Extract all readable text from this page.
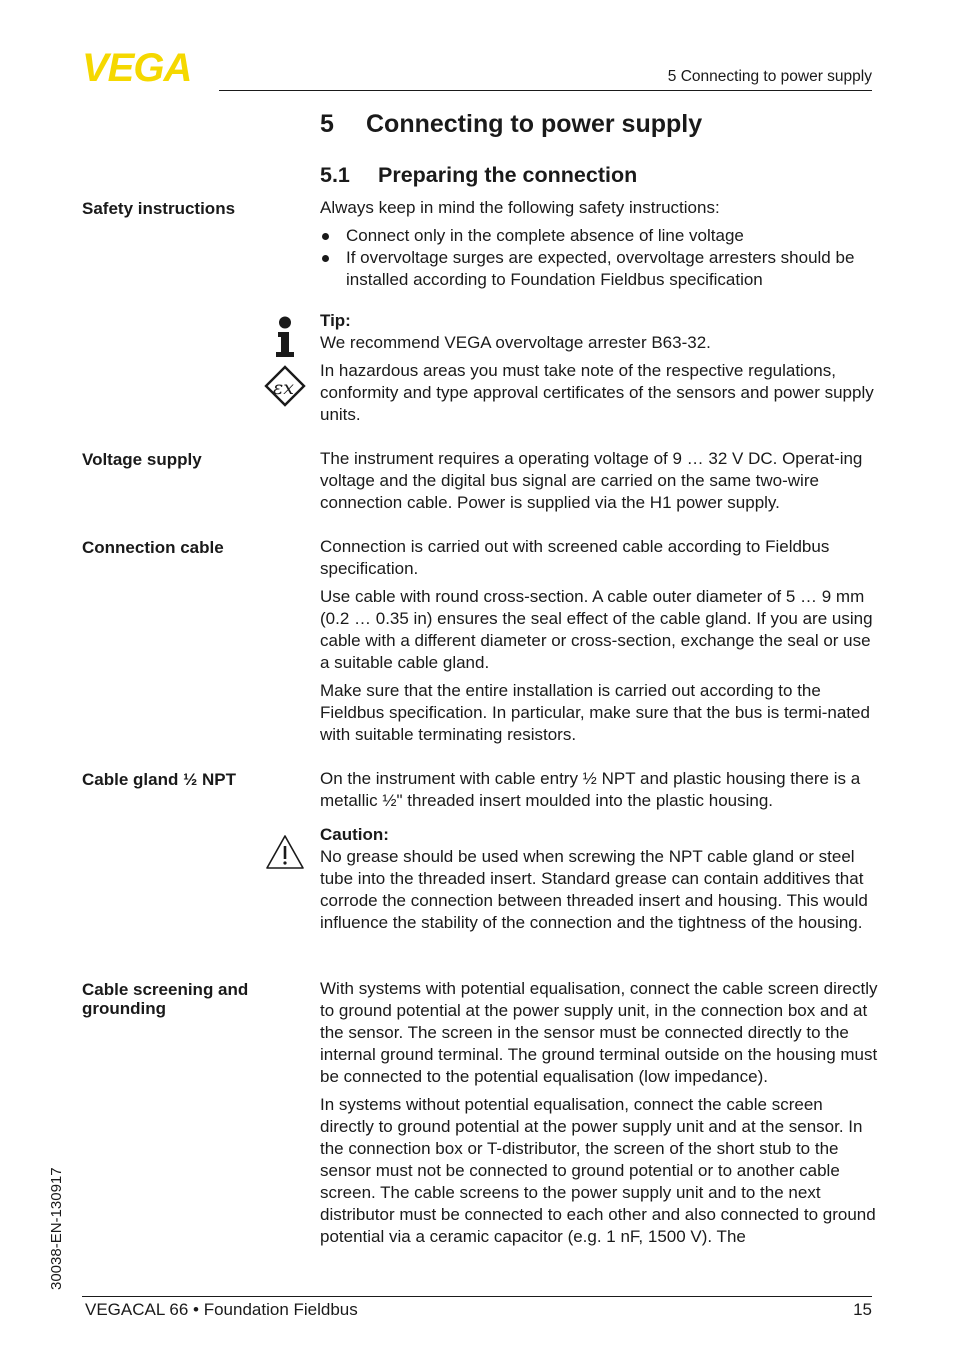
VEGA	5 Connecting to power supply
5 Connecting to power supply
5.1 Preparing the connection
Safety instructions	Always keep in mind the following safety instructions:

Connect only in the complete absence of line voltage
If overvoltage surges are expected, overvoltage arresters should be installed according to Foundation Fieldbus specification
Tip:
We recommend VEGA overvoltage arrester B63-32.
εx
In hazardous areas you must take note of the respective regulations, conformity and type approval certificates of the sensors and power supply units.
Voltage supply	The instrument requires a operating voltage of 9 … 32 V DC. Operat-ing voltage and the digital bus signal are carried on the same two-wire connection cable. Power is supplied via the H1 power supply.
Connection cable	Connection is carried out with screened cable according to Fieldbus specification.

Use cable with round cross-section. A cable outer diameter of 5 … 9 mm (0.2 … 0.35 in) ensures the seal effect of the cable gland. If you are using cable with a different diameter or cross-section, exchange the seal or use a suitable cable gland.

Make sure that the entire installation is carried out according to the Fieldbus specification. In particular, make sure that the bus is termi-nated with suitable terminating resistors.

Cable gland ½ NPT	On the instrument with cable entry ½ NPT and plastic housing there is a metallic ½" threaded insert moulded into the plastic housing.
Caution:
No grease should be used when screwing the NPT cable gland or steel tube into the threaded insert. Standard grease can contain additives that corrode the connection between threaded insert and housing. This would influence the stability of the connection and the tightness of the housing.
Cable screening and grounding

With systems with potential equalisation, connect the cable screen directly to ground potential at the power supply unit, in the connection box and at the sensor. The screen in the sensor must be connected directly to the internal ground terminal. The ground terminal outside on the housing must be connected to the potential equalisation (low impedance).

In systems without potential equalisation, connect the cable screen directly to ground potential at the power supply unit and at the sensor. In the connection box or T-distributor, the screen of the short stub to the sensor must not be connected to ground potential or to another cable screen. The cable screens to the power supply unit and to the next distributor must be connected to each other and also connected to ground potential via a ceramic capacitor (e.g. 1 nF, 1500 V). The

30038-EN-130917
VEGACAL 66 • Foundation Fieldbus	15
